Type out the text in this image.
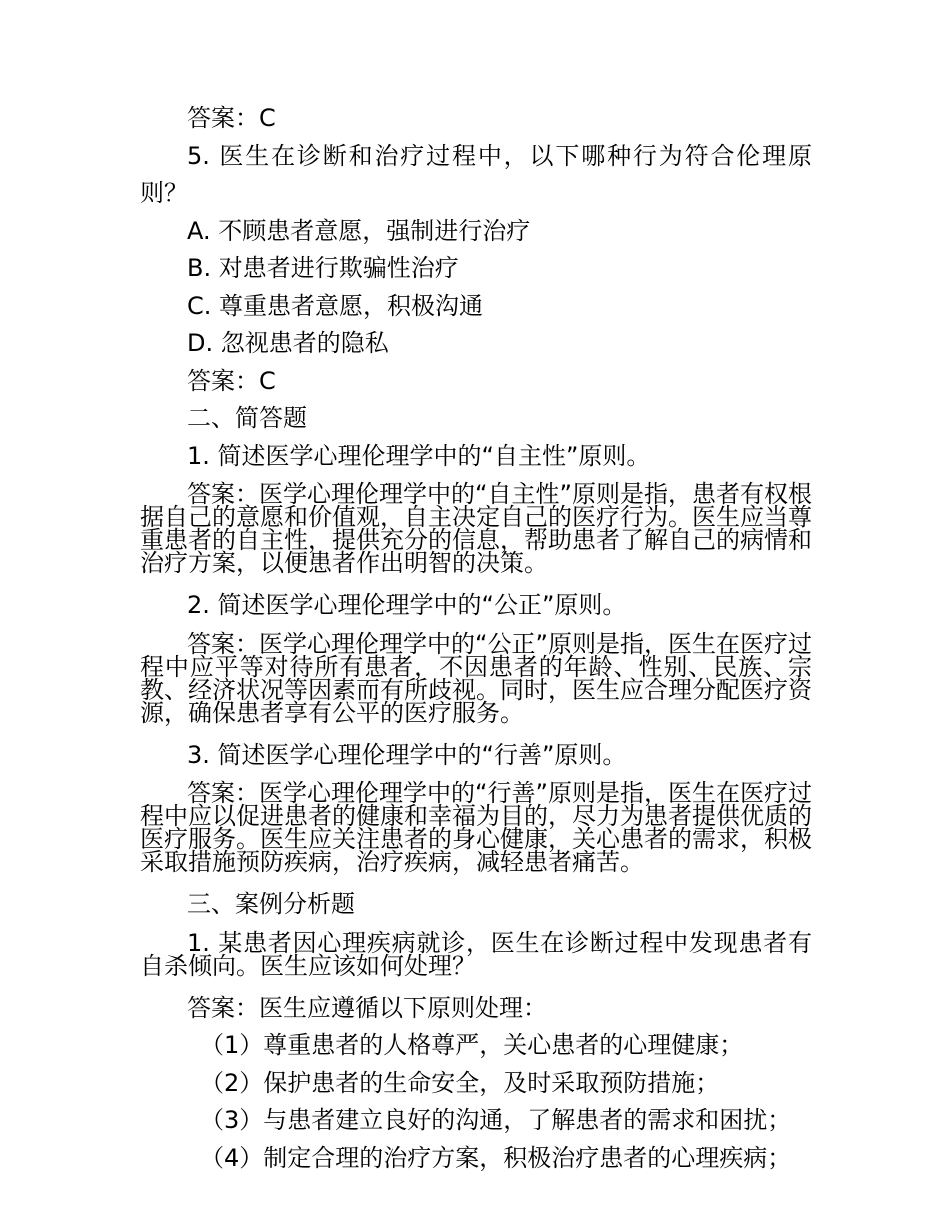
答案：C
5. 医生在诊断和治疗过程中，以下哪种行为符合伦理原则？
A. 不顾患者意愿，强制进行治疗
B. 对患者进行欺骗性治疗
C. 尊重患者意愿，积极沟通
D. 忽视患者的隐私
答案：C
二、简答题
1. 简述医学心理伦理学中的“自主性”原则。
答案：医学心理伦理学中的“自主性”原则是指，患者有权根据自己的意愿和价值观，自主决定自己的医疗行为。医生应当尊重患者的自主性，提供充分的信息，帮助患者了解自己的病情和治疗方案，以便患者作出明智的决策。
2. 简述医学心理伦理学中的“公正”原则。
答案：医学心理伦理学中的“公正”原则是指，医生在医疗过程中应平等对待所有患者，不因患者的年龄、性别、民族、宗教、经济状况等因素而有所歧视。同时，医生应合理分配医疗资源，确保患者享有公平的医疗服务。
3. 简述医学心理伦理学中的“行善”原则。
答案：医学心理伦理学中的“行善”原则是指，医生在医疗过程中应以促进患者的健康和幸福为目的，尽力为患者提供优质的医疗服务。医生应关注患者的身心健康，关心患者的需求，积极采取措施预防疾病，治疗疾病，减轻患者痛苦。
三、案例分析题
1. 某患者因心理疾病就诊，医生在诊断过程中发现患者有自杀倾向。医生应该如何处理？
答案：医生应遵循以下原则处理：
（1）尊重患者的人格尊严，关心患者的心理健康；
（2）保护患者的生命安全，及时采取预防措施；
（3）与患者建立良好的沟通，了解患者的需求和困扰；
（4）制定合理的治疗方案，积极治疗患者的心理疾病；
